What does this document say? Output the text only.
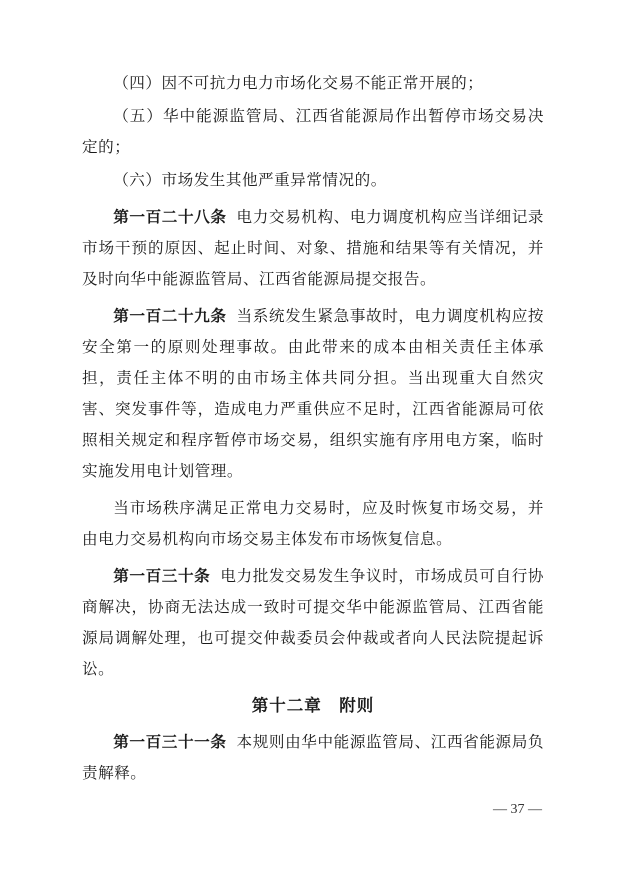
（四）因不可抗力电力市场化交易不能正常开展的；

（五）华中能源监管局、江西省能源局作出暂停市场交易决定的；

（六）市场发生其他严重异常情况的。

第一百二十八条 电力交易机构、电力调度机构应当详细记录市场干预的原因、起止时间、对象、措施和结果等有关情况，并及时向华中能源监管局、江西省能源局提交报告。

第一百二十九条 当系统发生紧急事故时，电力调度机构应按安全第一的原则处理事故。由此带来的成本由相关责任主体承担，责任主体不明的由市场主体共同分担。当出现重大自然灾害、突发事件等，造成电力严重供应不足时，江西省能源局可依照相关规定和程序暂停市场交易，组织实施有序用电方案，临时实施发用电计划管理。

当市场秩序满足正常电力交易时，应及时恢复市场交易，并由电力交易机构向市场交易主体发布市场恢复信息。

第一百三十条 电力批发交易发生争议时，市场成员可自行协商解决，协商无法达成一致时可提交华中能源监管局、江西省能源局调解处理，也可提交仲裁委员会仲裁或者向人民法院提起诉讼。

第十二章　附则

第一百三十一条 本规则由华中能源监管局、江西省能源局负责解释。

— 37 —
